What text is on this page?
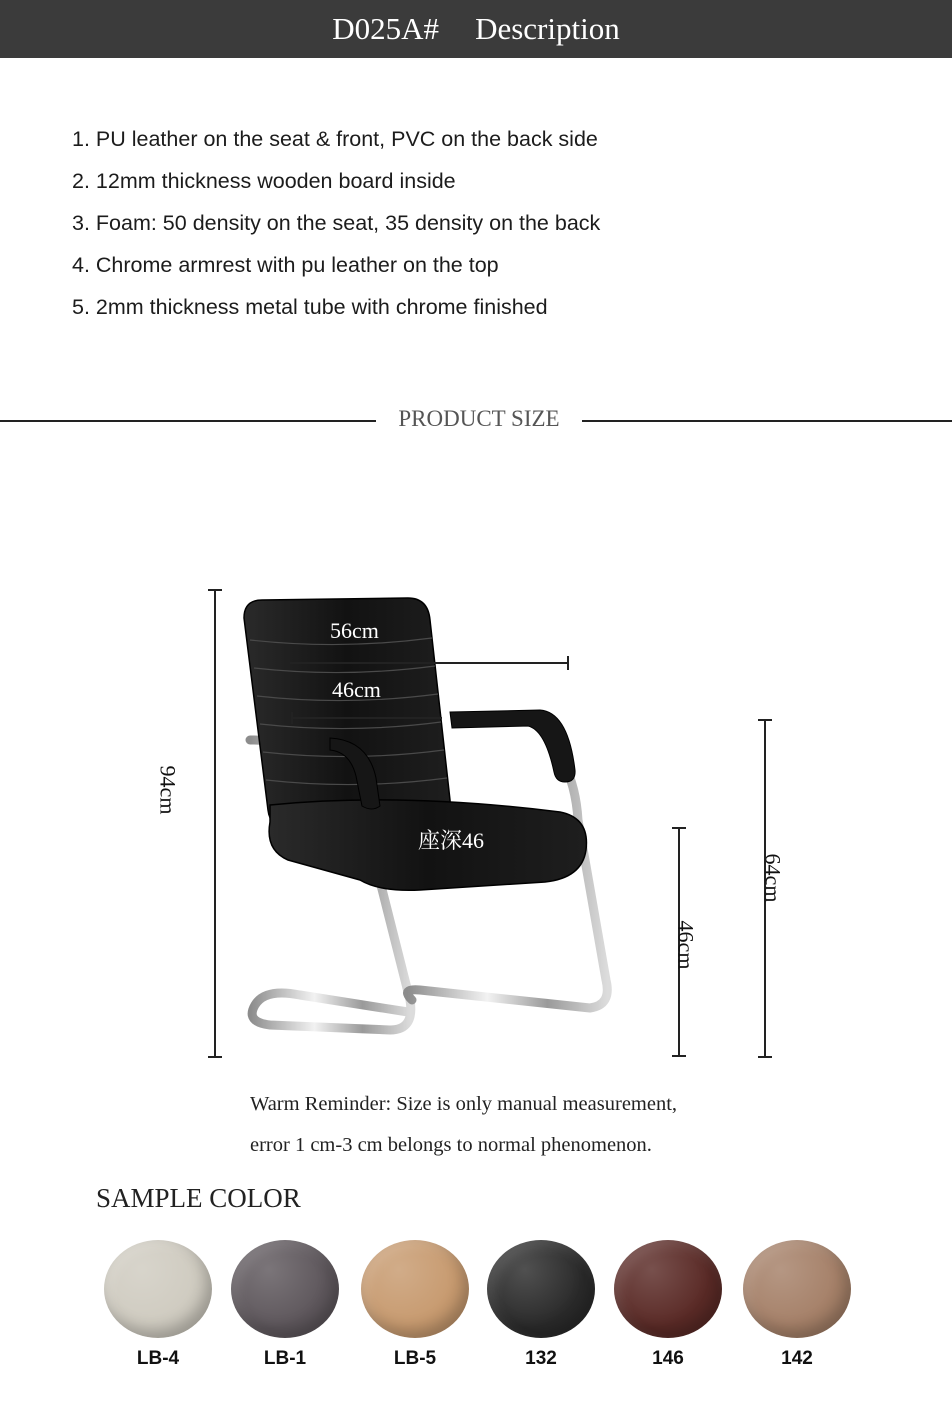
D025A# Description
1. PU leather on the seat & front, PVC on the back side
2. 12mm thickness wooden board inside
3. Foam: 50 density on the seat, 35 density on the back
4. Chrome armrest with pu leather on the top
5. 2mm thickness metal tube with chrome finished
PRODUCT SIZE
56cm
46cm
座深46
94cm
46cm
64cm
Warm Reminder: Size is only manual measurement,
error 1 cm-3 cm belongs to normal phenomenon.
SAMPLE COLOR
LB-4	LB-1	LB-5	132	146	142
